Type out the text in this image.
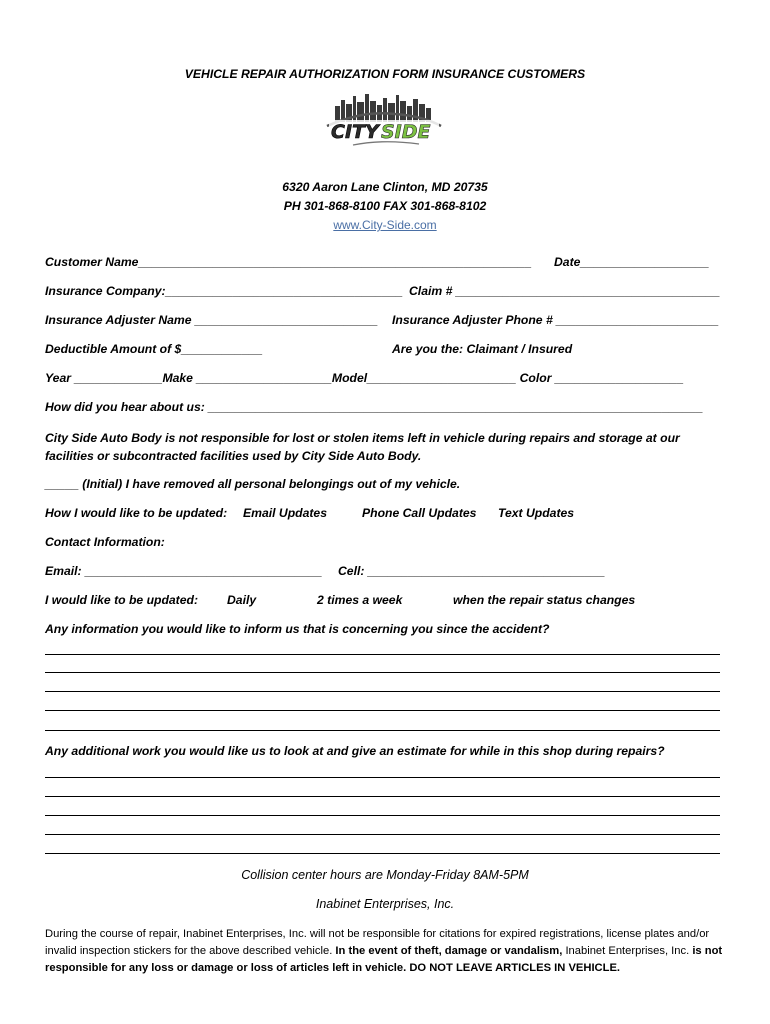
VEHICLE REPAIR AUTHORIZATION FORM INSURANCE CUSTOMERS
CITY SIDE
6320 Aaron Lane Clinton, MD 20735
PH 301-868-8100 FAX 301-868-8102
www.City-Side.com
Customer Name__________________________________________________________ Date___________________
Insurance Company:___________________________________ Claim # _______________________________________
Insurance Adjuster Name ___________________________ Insurance Adjuster Phone # ________________________
Deductible Amount of $____________	Are you the: Claimant / Insured
Year _____________Make ____________________Model______________________ Color ___________________
How did you hear about us: _________________________________________________________________________
City Side Auto Body is not responsible for lost or stolen items left in vehicle during repairs and storage at our facilities or subcontracted facilities used by City Side Auto Body.
_____ (Initial) I have removed all personal belongings out of my vehicle.
How I would like to be updated: Email Updates	Phone Call Updates Text Updates
Contact Information:
Email: ___________________________________ Cell: ___________________________________
I would like to be updated: Daily	2 times a week	when the repair status changes
Any information you would like to inform us that is concerning you since the accident?
Any additional work you would like us to look at and give an estimate for while in this shop during repairs?
Collision center hours are Monday-Friday 8AM-5PM
Inabinet Enterprises, Inc.
During the course of repair, Inabinet Enterprises, Inc. will not be responsible for citations for expired registrations, license plates and/or invalid inspection stickers for the above described vehicle. In the event of theft, damage or vandalism, Inabinet Enterprises, Inc. is not responsible for any loss or damage or loss of articles left in vehicle. DO NOT LEAVE ARTICLES IN VEHICLE.
